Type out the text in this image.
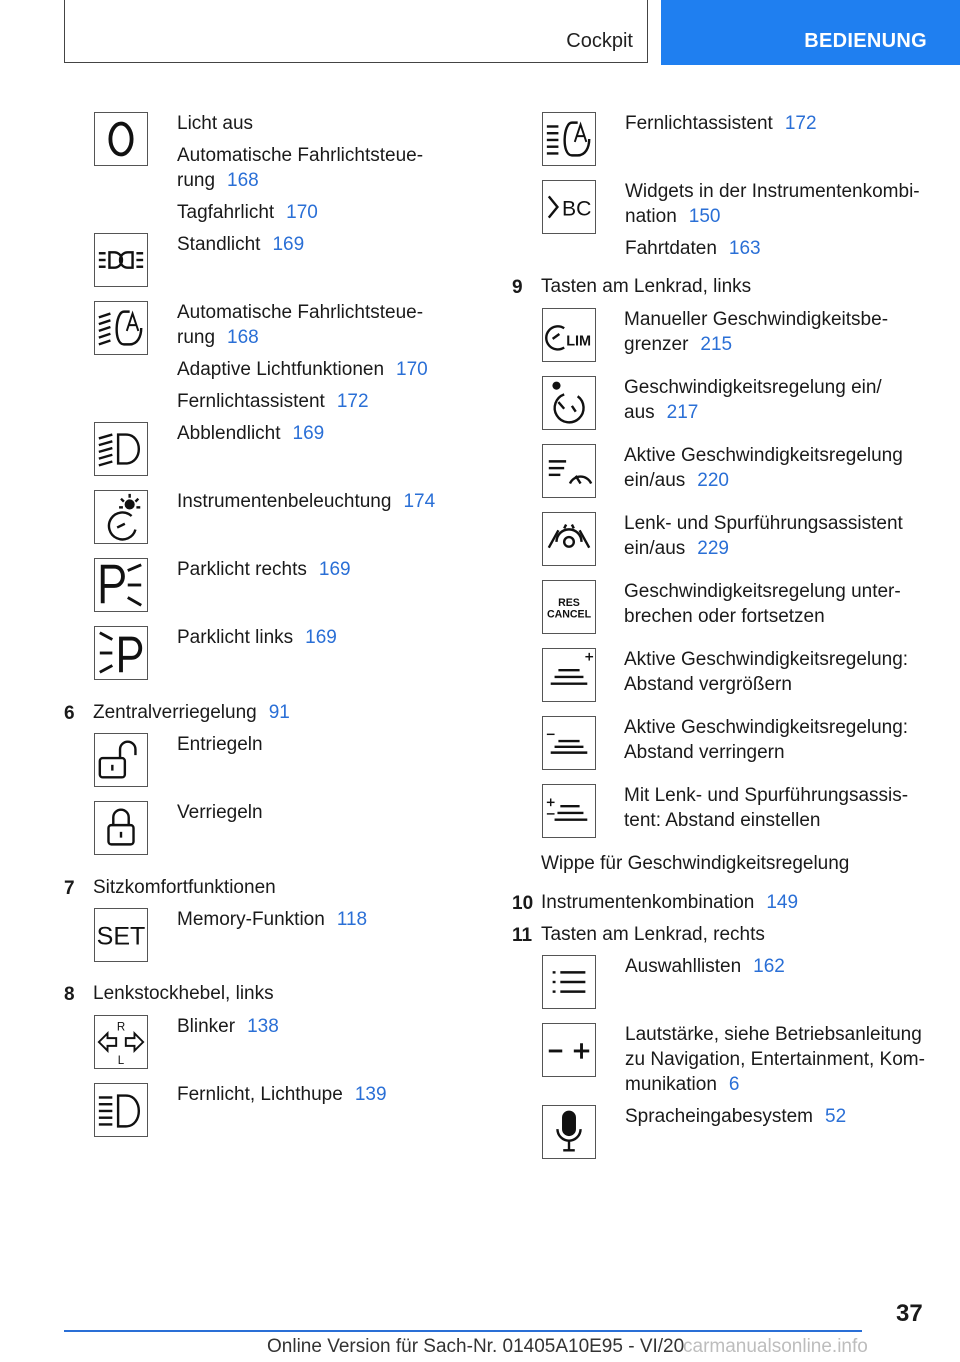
Cockpit	BEDIENUNG
Licht aus
Automatische Fahrlichtsteue-
rung 168
Tagfahrlicht 170
Standlicht 169
Automatische Fahrlichtsteue-
rung 168
Adaptive Lichtfunktionen 170
Fernlichtassistent 172
Abblendlicht 169
Instrumentenbeleuchtung 174
Parklicht rechts 169
Parklicht links 169
6 Zentralverriegelung 91
Entriegeln
Verriegeln
7 Sitzkomfortfunktionen
SET
Memory-Funktion 118
8 Lenkstockhebel, links
R
L
Blinker 138
Fernlicht, Lichthupe 139
Fernlichtassistent 172
BC
Widgets in der Instrumentenkombi-
nation 150
Fahrtdaten 163
9 Tasten am Lenkrad, links
LIM
Manueller Geschwindigkeitsbe-
grenzer 215
Geschwindigkeitsregelung ein/
aus 217
Aktive Geschwindigkeitsregelung
ein/aus 220
Lenk- und Spurführungsassistent
ein/aus 229
RES
CANCEL
Geschwindigkeitsregelung unter-
brechen oder fortsetzen
Aktive Geschwindigkeitsregelung:
Abstand vergrößern
Aktive Geschwindigkeitsregelung:
Abstand verringern
Mit Lenk- und Spurführungsassis-
tent: Abstand einstellen
Wippe für Geschwindigkeitsregelung
10 Instrumentenkombination 149
11 Tasten am Lenkrad, rechts
Auswahllisten 162
Lautstärke, siehe Betriebsanleitung
zu Navigation, Entertainment, Kom-
munikation 6
Spracheingabesystem 52
37
Online Version für Sach-Nr. 01405A10E95 - VI/20
carmanualsonline.info
